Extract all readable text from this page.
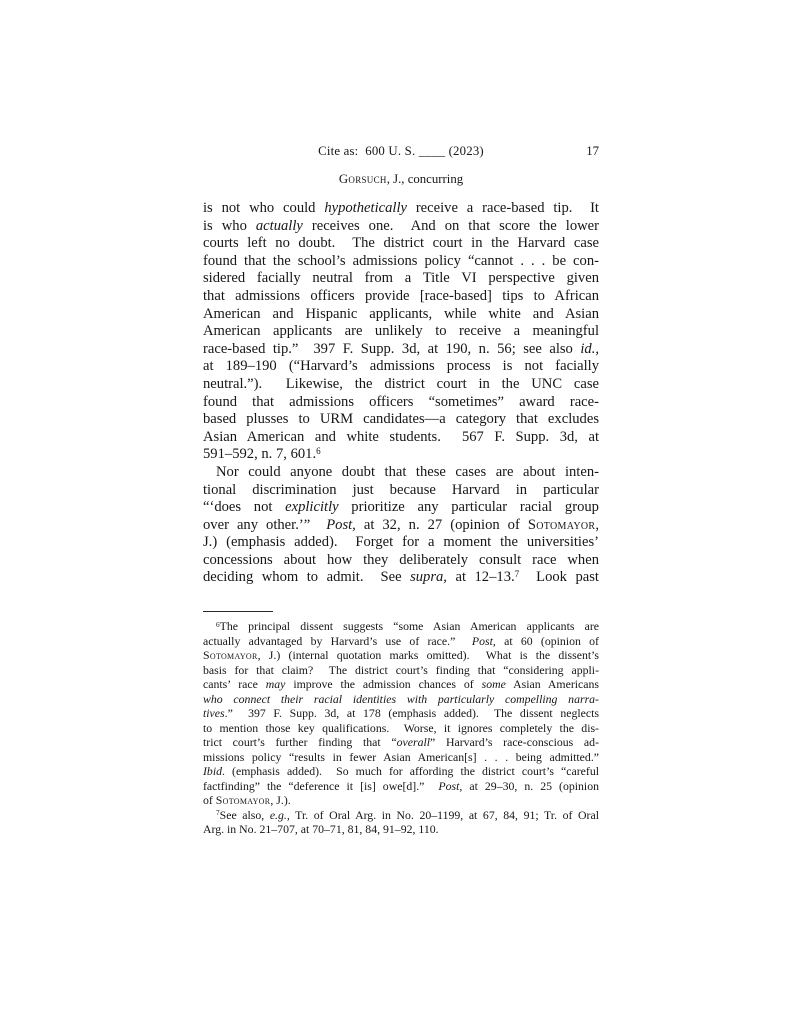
Cite as:  600 U. S. ____ (2023)	17
Gorsuch, J., concurring
is not who could hypothetically receive a race-based tip.  It
is who actually receives one.  And on that score the lower
courts left no doubt.  The district court in the Harvard case
found that the school’s admissions policy “cannot . . . be con-
sidered facially neutral from a Title VI perspective given
that admissions officers provide [race-based] tips to African
American and Hispanic applicants, while white and Asian
American applicants are unlikely to receive a meaningful
race-based tip.”  397 F. Supp. 3d, at 190, n. 56; see also id.,
at 189–190 (“Harvard’s admissions process is not facially
neutral.”).  Likewise, the district court in the UNC case
found that admissions officers “sometimes” award race-
based plusses to URM candidates—a category that excludes
Asian American and white students.  567 F. Supp. 3d, at
591–592, n. 7, 601.$^6$
Nor could anyone doubt that these cases are about inten-
tional discrimination just because Harvard in particular
“‘does not explicitly prioritize any particular racial group
over any other.’”  Post, at 32, n. 27 (opinion of Sotomayor,
J.) (emphasis added).  Forget for a moment the universities’
concessions about how they deliberately consult race when
deciding whom to admit.  See supra, at 12–13.$^7$  Look past
$^6$The principal dissent suggests “some Asian American applicants are
actually advantaged by Harvard’s use of race.”  Post, at 60 (opinion of
Sotomayor, J.) (internal quotation marks omitted).  What is the dissent’s
basis for that claim?  The district court’s finding that “considering appli-
cants’ race may improve the admission chances of some Asian Americans
who connect their racial identities with particularly compelling narra-
tives.”  397 F. Supp. 3d, at 178 (emphasis added).  The dissent neglects
to mention those key qualifications.  Worse, it ignores completely the dis-
trict court’s further finding that “overall” Harvard’s race-conscious ad-
missions policy “results in fewer Asian American[s] . . . being admitted.”
Ibid. (emphasis added).  So much for affording the district court’s “careful
factfinding” the “deference it [is] owe[d].”  Post, at 29–30, n. 25 (opinion
of Sotomayor, J.).
$^7$See also, e.g., Tr. of Oral Arg. in No. 20–1199, at 67, 84, 91; Tr. of Oral
Arg. in No. 21–707, at 70–71, 81, 84, 91–92, 110.
